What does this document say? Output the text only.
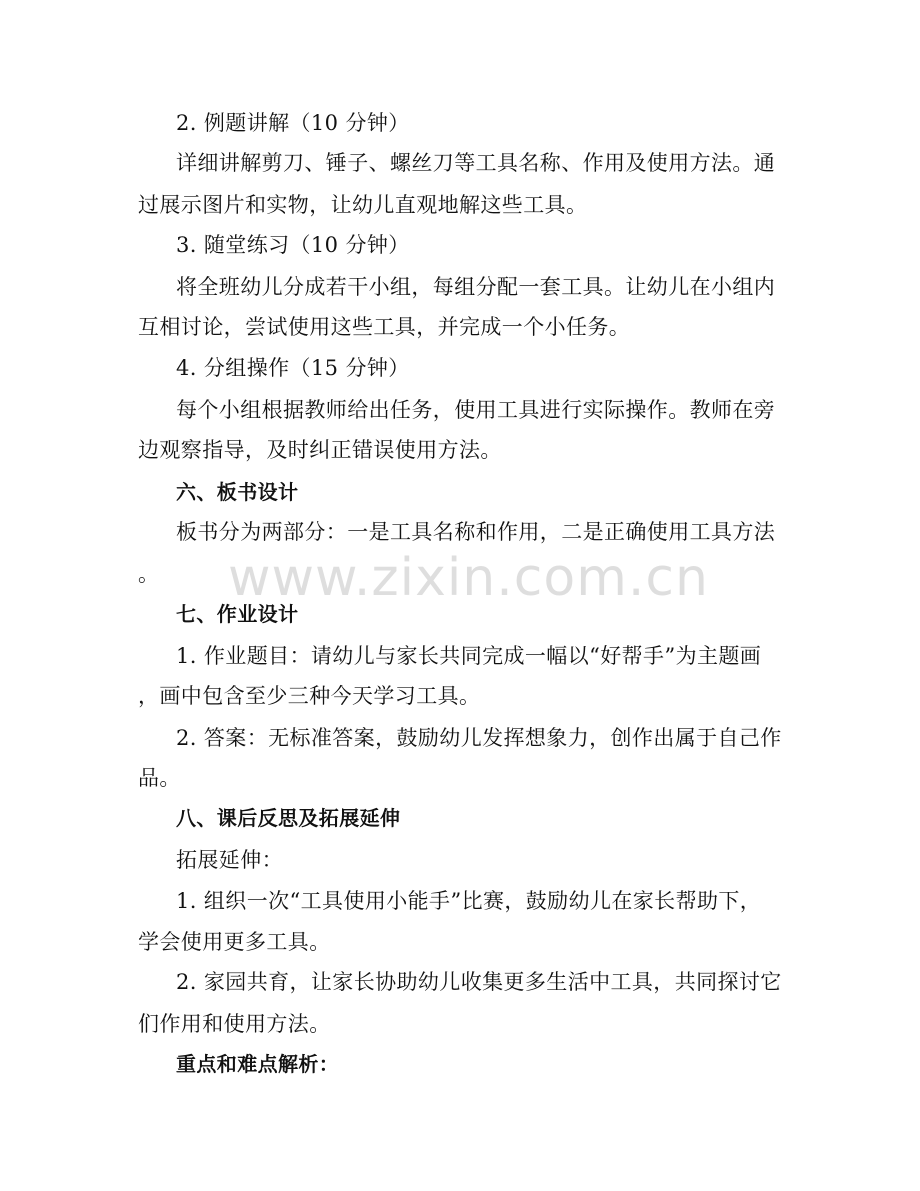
www.zixin.com.cn
2. 例题讲解（10 分钟）
详细讲解剪刀、锤子、螺丝刀等工具名称、作用及使用方法。通
过展示图片和实物，让幼儿直观地解这些工具。
3. 随堂练习（10 分钟）
将全班幼儿分成若干小组，每组分配一套工具。让幼儿在小组内
互相讨论，尝试使用这些工具，并完成一个小任务。
4. 分组操作（15 分钟）
每个小组根据教师给出任务，使用工具进行实际操作。教师在旁
边观察指导，及时纠正错误使用方法。
六、板书设计
板书分为两部分：一是工具名称和作用，二是正确使用工具方法
。
七、作业设计
1. 作业题目：请幼儿与家长共同完成一幅以“好帮手”为主题画
，画中包含至少三种今天学习工具。
2. 答案：无标准答案，鼓励幼儿发挥想象力，创作出属于自己作
品。
八、课后反思及拓展延伸
拓展延伸：
1. 组织一次“工具使用小能手”比赛，鼓励幼儿在家长帮助下，
学会使用更多工具。
2. 家园共育，让家长协助幼儿收集更多生活中工具，共同探讨它
们作用和使用方法。
重点和难点解析：
